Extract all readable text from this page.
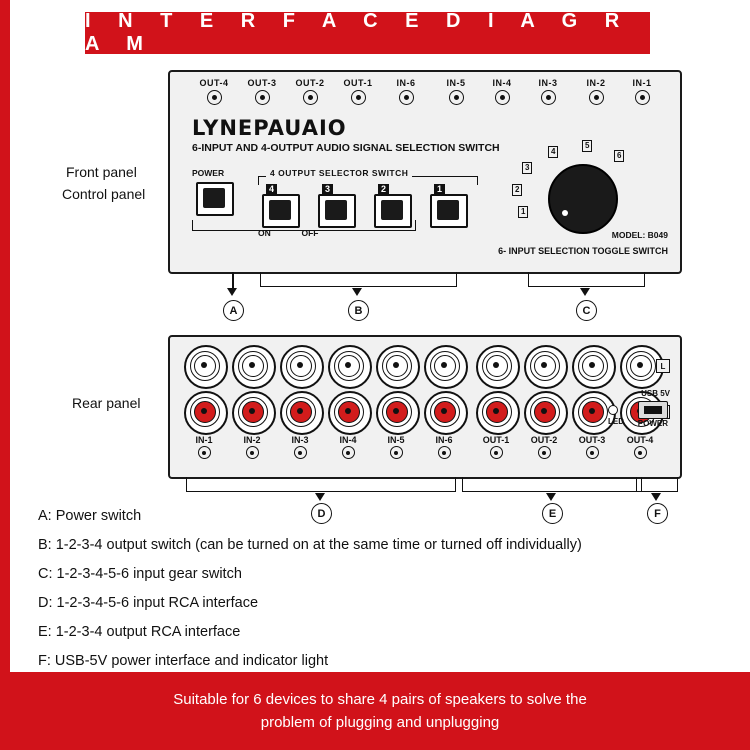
I N T E R F A C E D I A G R A M
Front panel
Control panel
Rear panel
OUT-4	OUT-3	OUT-2	OUT-1	IN-6	IN-5	IN-4	IN-3	IN-2	IN-1
LYNEPAUAIO
6-INPUT AND 4-OUTPUT AUDIO SIGNAL SELECTION SWITCH
POWER	4 OUTPUT SELECTOR SWITCH
4	3	2	1
ON	OFF
1
2
3
4
5
6
MODEL: B049
6- INPUT SELECTION TOGGLE SWITCH
A	B	C
L
IN-1	IN-2	IN-3	IN-4	IN-5	IN-6	OUT-1	OUT-2	OUT-3	OUT-4
USB 5V
POWER
LED
D	E	F
A: Power switch
B: 1-2-3-4 output switch (can be turned on at the same time or turned off individually)
C: 1-2-3-4-5-6 input gear switch
D: 1-2-3-4-5-6 input RCA interface
E: 1-2-3-4 output RCA interface
F: USB-5V power interface and indicator light
Suitable for 6 devices to share 4 pairs of speakers to solve the
problem of plugging and unplugging
